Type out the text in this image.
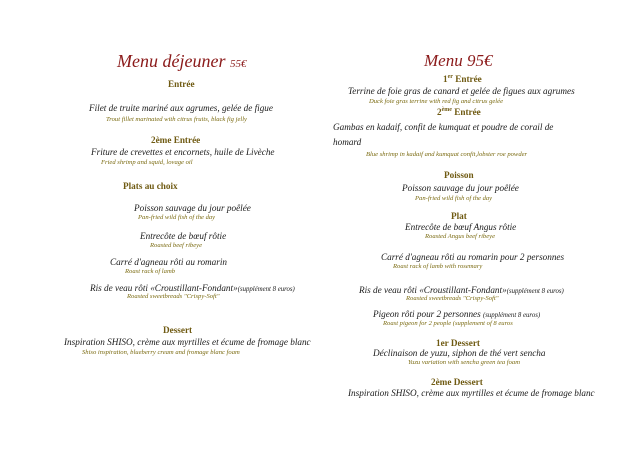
Menu déjeuner 55€
Entrée
Filet de truite mariné aux agrumes, gelée de figue
Trout fillet marinated with citrus fruits, black fig jelly
2ème Entrée
Friture de crevettes et encornets, huile de Livèche
Fried shrimp and squid, lovage oil
Plats au choix
Poisson sauvage du jour poêlée
Pan-fried wild fish of the day
Entrecôte de bœuf rôtie
Roasted beef ribeye
Carré d'agneau rôti au romarin
Roast rack of lamb
Ris de veau rôti «Croustillant-Fondant»(supplément 8 euros)
Roasted sweetbreads "Crispy-Soft"
Dessert
Inspiration SHISO, crème aux myrtilles et écume de fromage blanc
Shiso inspiration, blueberry cream and fromage blanc foam
Menu 95€
1er Entrée
Terrine de foie gras de canard et gelée de figues aux agrumes
Duck foie gras terrine with red fig and citrus gelée
2ème Entrée
Gambas en kadaif, confit de kumquat et poudre de corail de
homard
Blue shrimp in kadaif and kumquat confit,lobster roe powder
Poisson
Poisson sauvage du jour poêlée
Pan-fried wild fish of the day
Plat
Entrecôte de bœuf Angus rôtie
Roasted Angus beef ribeye
Carré d'agneau rôti au romarin pour 2 personnes
Roast rack of lamb with rosemary
Ris de veau rôti «Croustillant-Fondant»(supplément 8 euros)
Roasted sweetbreads "Crispy-Soft"
Pigeon rôti pour 2 personnes (supplément 8 euros)
Roast pigeon for 2 people (supplement of 8 euros
1er Dessert
Déclinaison de yuzu, siphon de thé vert sencha
Yuzu variation with sencha green tea foam
2ème Dessert
Inspiration SHISO, crème aux myrtilles et écume de fromage blanc
